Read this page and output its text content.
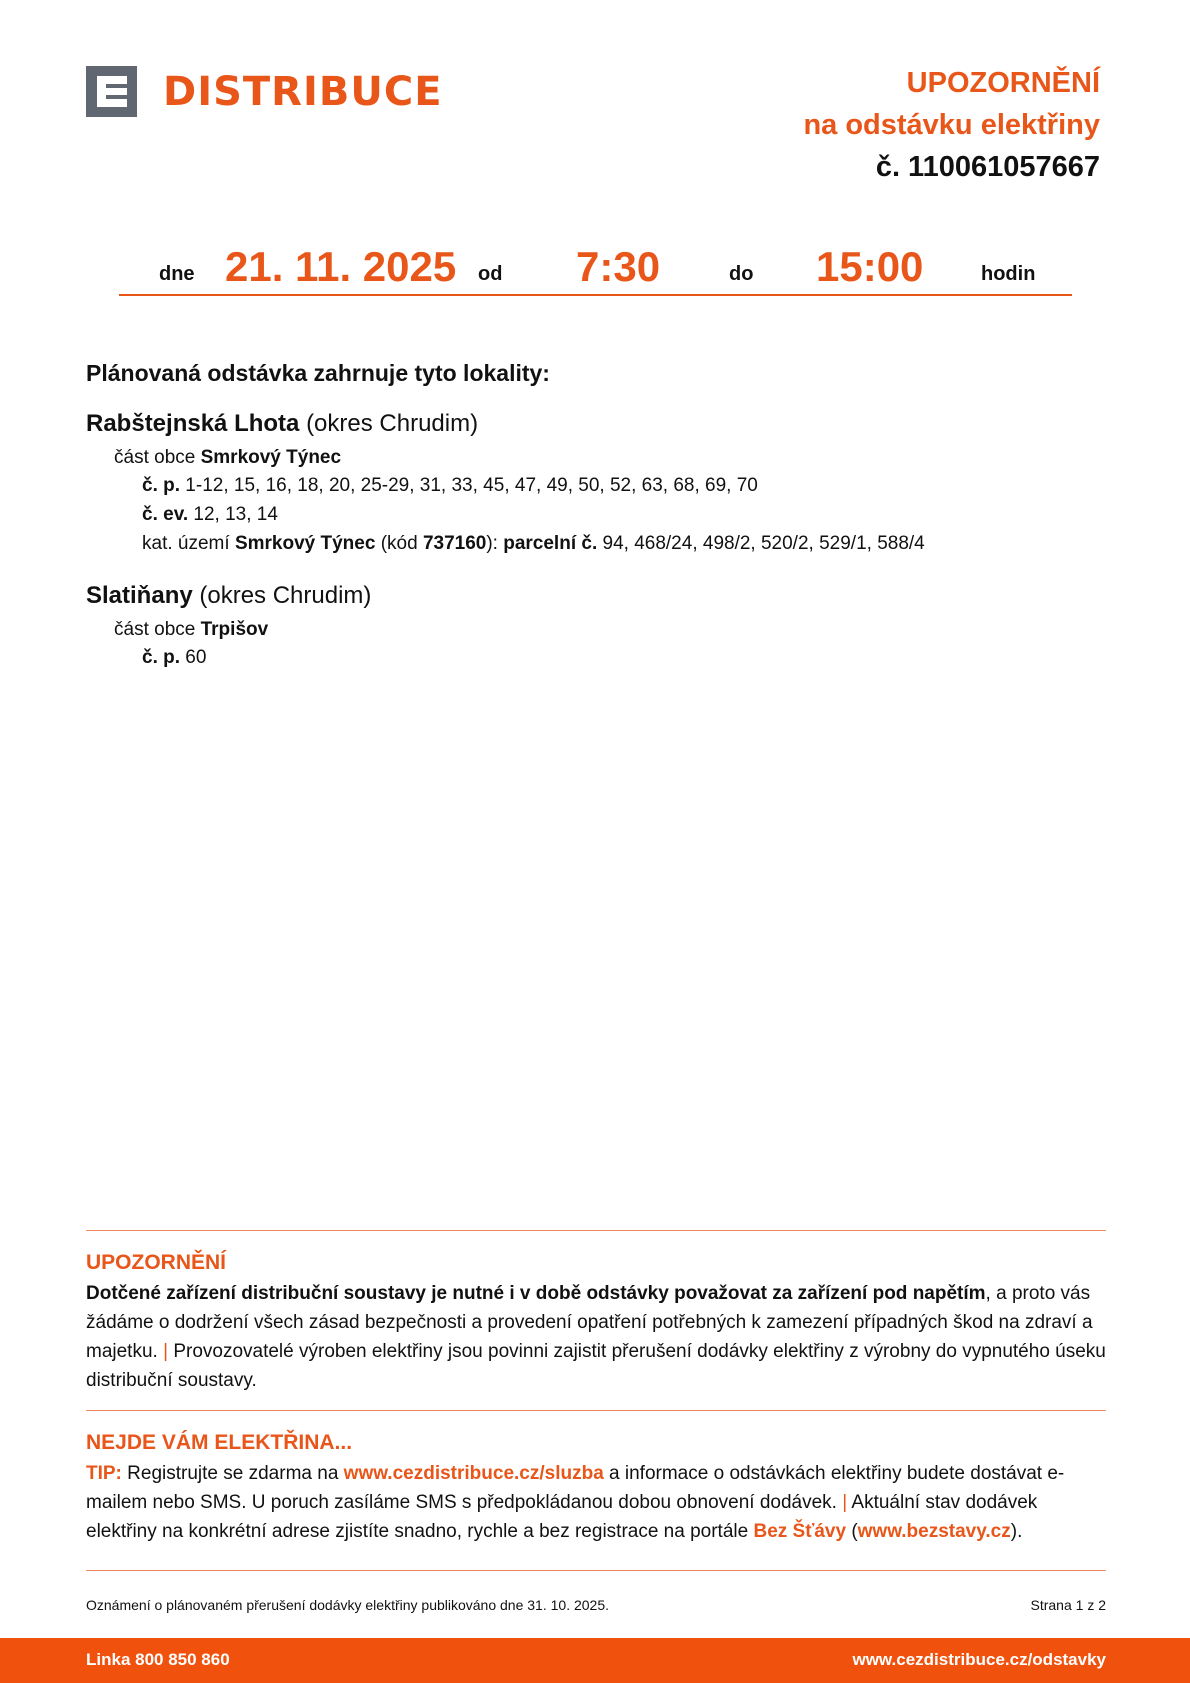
DISTRIBUCE	UPOZORNĚNÍ
na odstávku elektřiny
č. 110061057667
dne 21. 11. 2025 od 7:30	do 15:00	hodin
Plánovaná odstávka zahrnuje tyto lokality:
Rabštejnská Lhota (okres Chrudim)
část obce Smrkový Týnec
č. p. 1-12, 15, 16, 18, 20, 25-29, 31, 33, 45, 47, 49, 50, 52, 63, 68, 69, 70
č. ev. 12, 13, 14
kat. území Smrkový Týnec (kód 737160): parcelní č. 94, 468/24, 498/2, 520/2, 529/1, 588/4
Slatiňany (okres Chrudim)
část obce Trpišov
č. p. 60
UPOZORNĚNÍ
Dotčené zařízení distribuční soustavy je nutné i v době odstávky považovat za zařízení pod napětím, a proto vás žádáme o dodržení všech zásad bezpečnosti a provedení opatření potřebných k zamezení případných škod na zdraví a majetku. | Provozovatelé výroben elektřiny jsou povinni zajistit přerušení dodávky elektřiny z výrobny do vypnutého úseku distribuční soustavy.
NEJDE VÁM ELEKTŘINA...
TIP: Registrujte se zdarma na www.cezdistribuce.cz/sluzba a informace o odstávkách elektřiny budete dostávat e-mailem nebo SMS. U poruch zasíláme SMS s předpokládanou dobou obnovení dodávek. | Aktuální stav dodávek elektřiny na konkrétní adrese zjistíte snadno, rychle a bez registrace na portále Bez Šťávy (www.bezstavy.cz).
Oznámení o plánovaném přerušení dodávky elektřiny publikováno dne 31. 10. 2025.	Strana 1 z 2
Linka 800 850 860	www.cezdistribuce.cz/odstavky
